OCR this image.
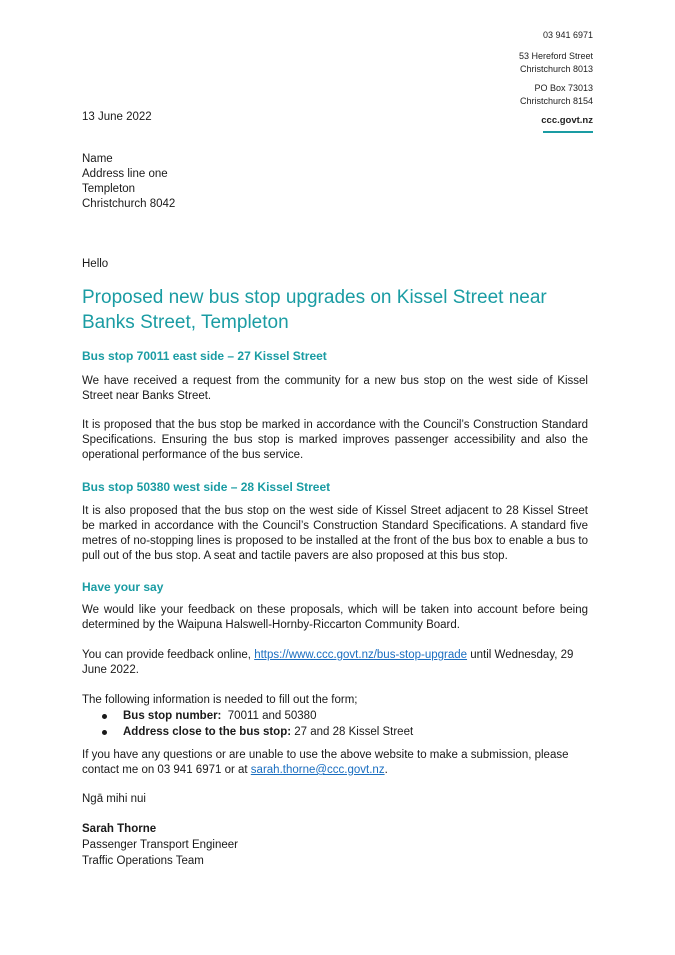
03 941 6971
53 Hereford Street
Christchurch 8013
PO Box 73013
Christchurch 8154
ccc.govt.nz
13 June 2022
Name
Address line one
Templeton
Christchurch 8042
Hello
Proposed new bus stop upgrades on Kissel Street near Banks Street, Templeton
Bus stop 70011 east side – 27 Kissel Street
We have received a request from the community for a new bus stop on the west side of Kissel Street near Banks Street.
It is proposed that the bus stop be marked in accordance with the Council’s Construction Standard Specifications. Ensuring the bus stop is marked improves passenger accessibility and also the operational performance of the bus service.
Bus stop 50380 west side – 28 Kissel Street
It is also proposed that the bus stop on the west side of Kissel Street adjacent to 28 Kissel Street be marked in accordance with the Council’s Construction Standard Specifications. A standard five metres of no-stopping lines is proposed to be installed at the front of the bus box to enable a bus to pull out of the bus stop. A seat and tactile pavers are also proposed at this bus stop.
Have your say
We would like your feedback on these proposals, which will be taken into account before being determined by the Waipuna Halswell-Hornby-Riccarton Community Board.
You can provide feedback online, https://www.ccc.govt.nz/bus-stop-upgrade until Wednesday, 29 June 2022.
The following information is needed to fill out the form;
Bus stop number:  70011 and 50380
Address close to the bus stop: 27 and 28 Kissel Street
If you have any questions or are unable to use the above website to make a submission, please contact me on 03 941 6971 or at sarah.thorne@ccc.govt.nz.
Ngā mihi nui
Sarah Thorne
Passenger Transport Engineer
Traffic Operations Team
